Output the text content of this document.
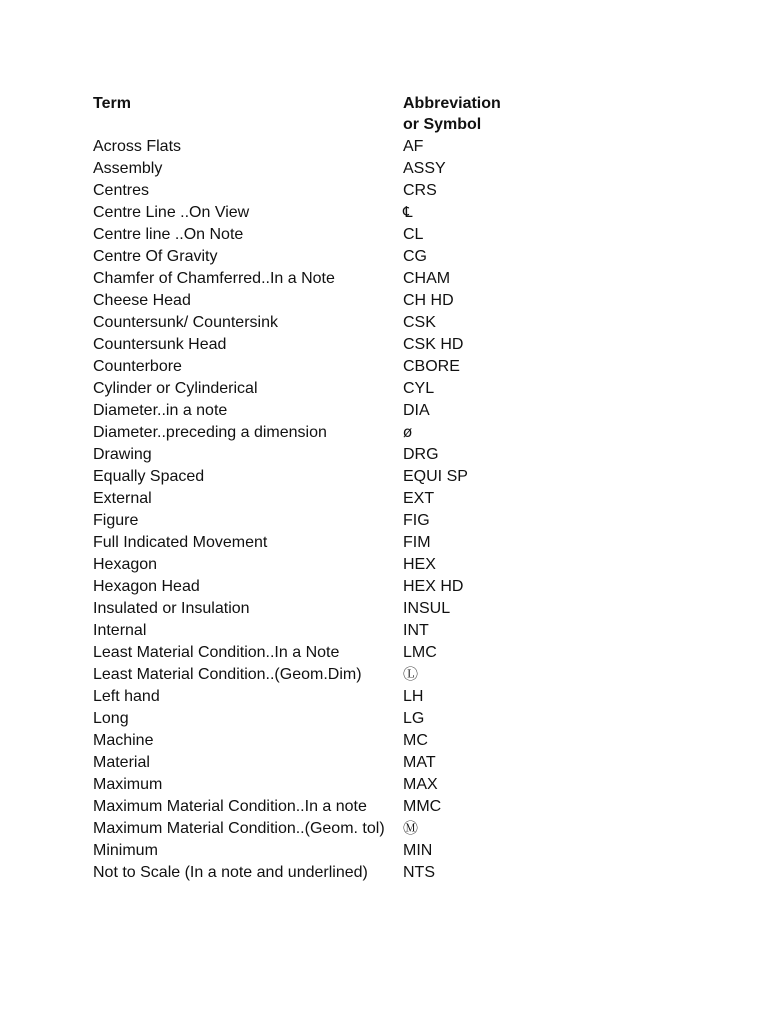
Term	Abbreviation
or Symbol
Across Flats	AF
Assembly	ASSY
Centres	CRS
Centre Line ..On View	℄
Centre line ..On Note	CL
Centre Of Gravity	CG
Chamfer of Chamferred..In a Note	CHAM
Cheese Head	CH HD
Countersunk/ Countersink	CSK
Countersunk Head	CSK HD
Counterbore	CBORE
Cylinder or Cylinderical	CYL
Diameter..in a note	DIA
Diameter..preceding a dimension	ø
Drawing	DRG
Equally Spaced	EQUI SP
External	EXT
Figure	FIG
Full Indicated Movement	FIM
Hexagon	HEX
Hexagon Head	HEX HD
Insulated or Insulation	INSUL
Internal	INT
Least Material Condition..In a Note	LMC
Least Material Condition..(Geom.Dim)	Ⓛ
Left hand	LH
Long	LG
Machine	MC
Material	MAT
Maximum	MAX
Maximum Material Condition..In a note	MMC
Maximum Material Condition..(Geom. tol)	Ⓜ
Minimum	MIN
Not to Scale (In a note and underlined)	NTS
